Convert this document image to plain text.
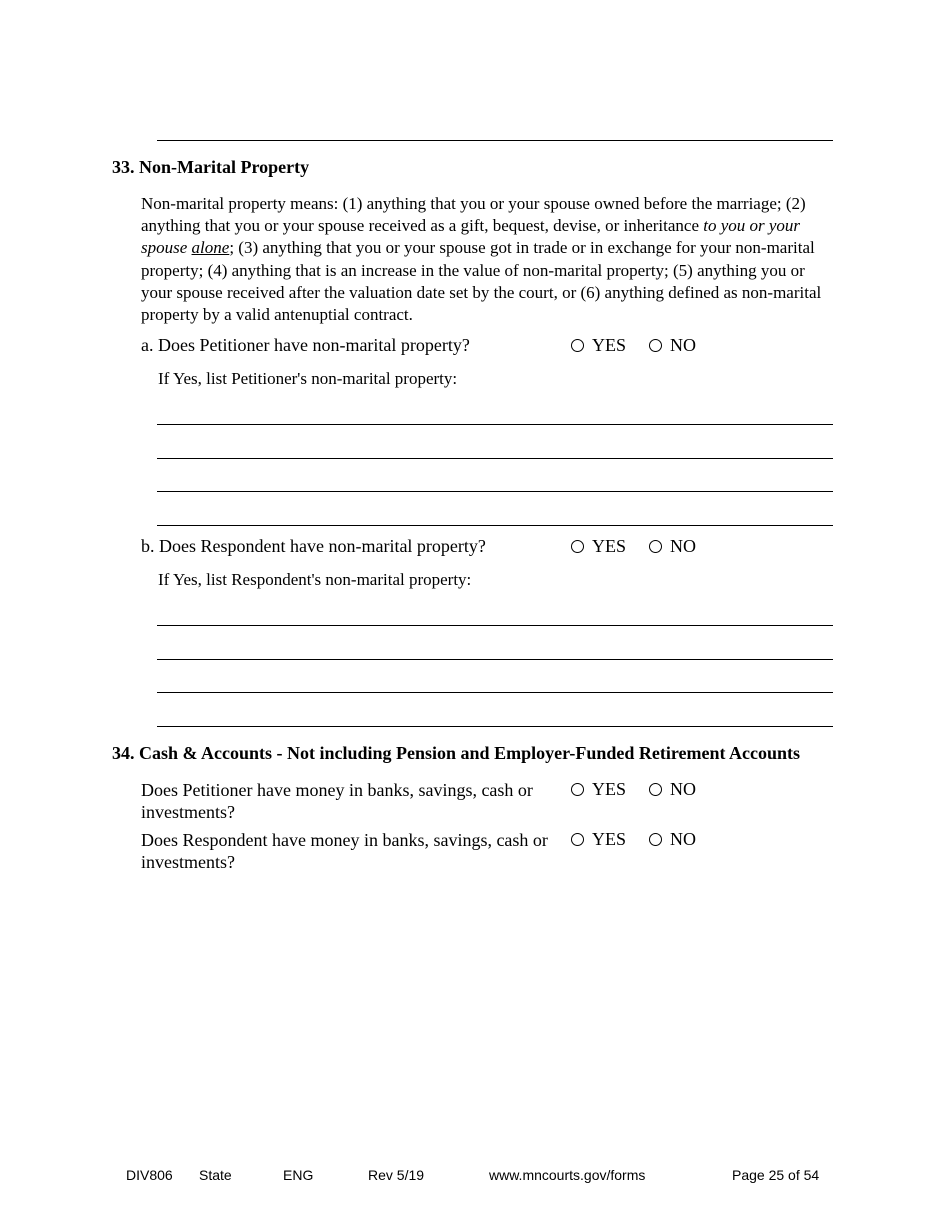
33. Non-Marital Property
Non-marital property means: (1) anything that you or your spouse owned before the marriage; (2) anything that you or your spouse received as a gift, bequest, devise, or inheritance to you or your spouse alone; (3) anything that you or your spouse got in trade or in exchange for your non-marital property; (4) anything that is an increase in the value of non-marital property; (5) anything you or your spouse received after the valuation date set by the court, or (6) anything defined as non-marital property by a valid antenuptial contract.
a. Does Petitioner have non-marital property?	YES NO
If Yes, list Petitioner's non-marital property:
b. Does Respondent have non-marital property?	YES NO
If Yes, list Respondent's non-marital property:
34. Cash & Accounts - Not including Pension and Employer-Funded Retirement Accounts
Does Petitioner have money in banks, savings, cash or investments?
YES NO
Does Respondent have money in banks, savings, cash or investments?
YES NO
DIV806 State	ENG	Rev 5/19	www.mncourts.gov/forms	Page 25 of 54
